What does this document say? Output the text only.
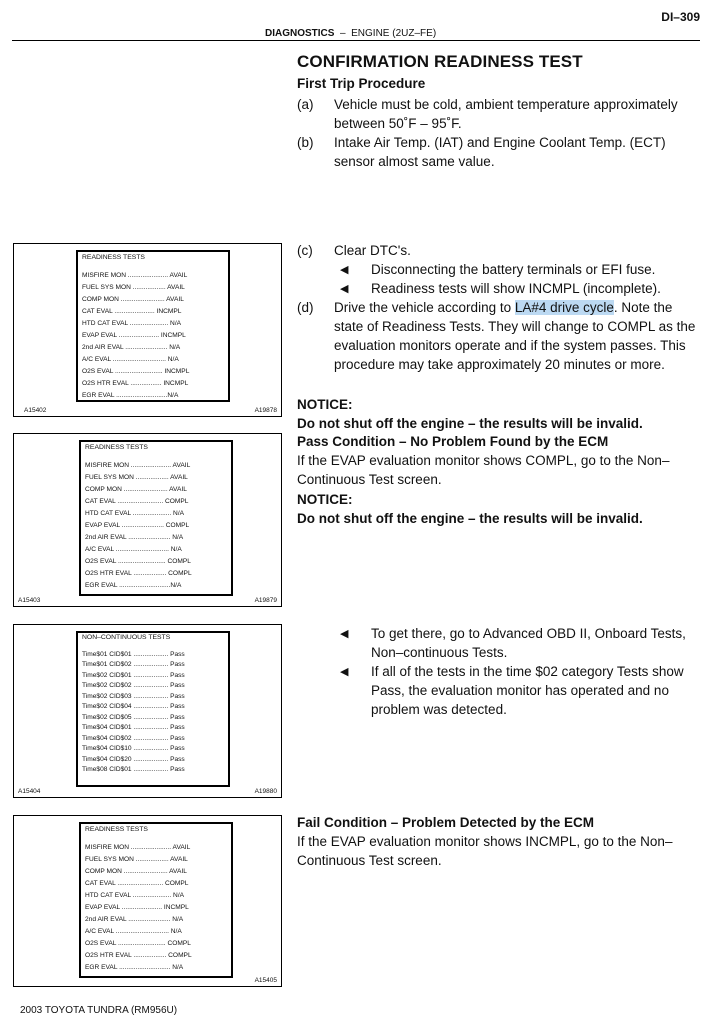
DIAGNOSTICS – ENGINE (2UZ–FE)
DI–309
CONFIRMATION READINESS TEST
First Trip Procedure
(a) Vehicle must be cold, ambient temperature approximately between 50˚F – 95˚F.
(b) Intake Air Temp. (IAT) and Engine Coolant Temp. (ECT) sensor almost same value.
(c) Clear DTC's.
◀ Disconnecting the battery terminals or EFI fuse.
◀ Readiness tests will show INCMPL (incomplete).
(d) Drive the vehicle according to LA#4 drive cycle. Note the state of Readiness Tests. They will change to COMPL as the evaluation monitors operate and if the system passes. This procedure may take approximately 20 minutes or more.
NOTICE:
Do not shut off the engine – the results will be invalid.
Pass Condition – No Problem Found by the ECM
If the EVAP evaluation monitor shows COMPL, go to the Non–Continuous Test screen.
NOTICE:
Do not shut off the engine – the results will be invalid.
◀ To get there, go to Advanced OBD II, Onboard Tests, Non–continuous Tests.
◀ If all of the tests in the time $02 category Tests show Pass, the evaluation monitor has operated and no problem was detected.
Fail Condition – Problem Detected by the ECM
If the EVAP evaluation monitor shows INCMPL, go to the Non–Continuous Test screen.
READINESS TESTS
MISFIRE MON ...................... AVAIL
FUEL SYS MON .................. AVAIL
COMP MON ........................ AVAIL
CAT EVAL ...................... INCMPL
HTD CAT EVAL ..................... N/A
EVAP EVAL ...................... INCMPL
2nd AIR EVAL ....................... N/A
A/C EVAL ............................. N/A
O2S EVAL .......................... INCMPL
O2S HTR EVAL ................. INCMPL
EGR EVAL ............................N/A
A15402	A19878
READINESS TESTS
MISFIRE MON ...................... AVAIL
FUEL SYS MON .................. AVAIL
COMP MON ........................ AVAIL
CAT EVAL ......................... COMPL
HTD CAT EVAL ..................... N/A
EVAP EVAL ....................... COMPL
2nd AIR EVAL ....................... N/A
A/C EVAL ............................. N/A
O2S EVAL .......................... COMPL
O2S HTR EVAL .................. COMPL
EGR EVAL ............................N/A
A15403	A19879
NON–CONTINUOUS TESTS
Time$01 CID$01 ................... Pass
Time$01 CID$02 ................... Pass
Time$02 CID$01 ................... Pass
Time$02 CID$02 ................... Pass
Time$02 CID$03 ................... Pass
Time$02 CID$04 ................... Pass
Time$02 CID$05 ................... Pass
Time$04 CID$01 ................... Pass
Time$04 CID$02 ................... Pass
Time$04 CID$10 ................... Pass
Time$04 CID$20 ................... Pass
Time$08 CID$01 ................... Pass
A15404	A19880
READINESS TESTS
MISFIRE MON ...................... AVAIL
FUEL SYS MON .................. AVAIL
COMP MON ........................ AVAIL
CAT EVAL ......................... COMPL
HTD CAT EVAL ..................... N/A
EVAP EVAL ...................... INCMPL
2nd AIR EVAL ....................... N/A
A/C EVAL ............................. N/A
O2S EVAL .......................... COMPL
O2S HTR EVAL .................. COMPL
EGR EVAL ............................ N/A
A15405
2003 TOYOTA TUNDRA (RM956U)
